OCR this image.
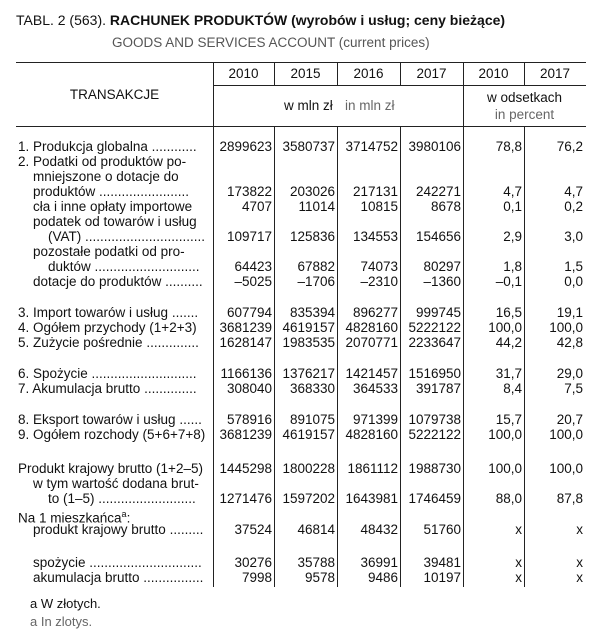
TABL. 2 (563). RACHUNEK PRODUKTÓW (wyrobów i usług; ceny bieżące)
GOODS AND SERVICES ACCOUNT (current prices)
TRANSAKCJE
2010	2015	2016	2017	2010	2017
w mln zł in mln zł
w odsetkach
in percent
1. Produkcja globalna ............	2899623 3580737 3714752 3980106	78,8	76,2
2. Podatki od produktów po-
mniejszone o dotacje do
produktów ........................	173822	203026	217131	242271	4,7	4,7
cła i inne opłaty importowe	4707	11014	10815	8678	0,1	0,2
podatek od towarów i usług
(VAT) ................................	109717	125836	134553	154656	2,9	3,0
pozostałe podatki od pro-
duktów ............................	64423	67882	74073	80297	1,8	1,5
dotacje do produktów ..........	–5025	–1706	–2310	–1360	–0,1	0,0
3. Import towarów i usług .......	607794	835394	896277	999745	16,5	19,1
4. Ogółem przychody (1+2+3)	3681239 4619157 4828160 5222122	100,0	100,0
5. Zużycie pośrednie ..............	1628147 1983535 2070771 2233647	44,2	42,8
6. Spożycie ............................	1166136 1376217 1421457 1516950	31,7	29,0
7. Akumulacja brutto ..............	308040	368330	364533	391787	8,4	7,5
8. Eksport towarów i usług ......	578916	891075	971399 1079738	15,7	20,7
9. Ogółem rozchody (5+6+7+8)	3681239 4619157 4828160 5222122	100,0	100,0
Produkt krajowy brutto (1+2–5)	1445298 1800228 1861112 1988730	100,0	100,0
w tym wartość dodana brut-
to (1–5) ..........................	1271476 1597202 1643981 1746459	88,0	87,8
Na 1 mieszkańca$^a$:
produkt krajowy brutto .........	37524	46814	48432	51760	x	x
spożycie ..............................	30276	35788	36991	39481	x	x
akumulacja brutto ................	7998	9578	9486	10197	x	x
a W złotych.
a In zlotys.
